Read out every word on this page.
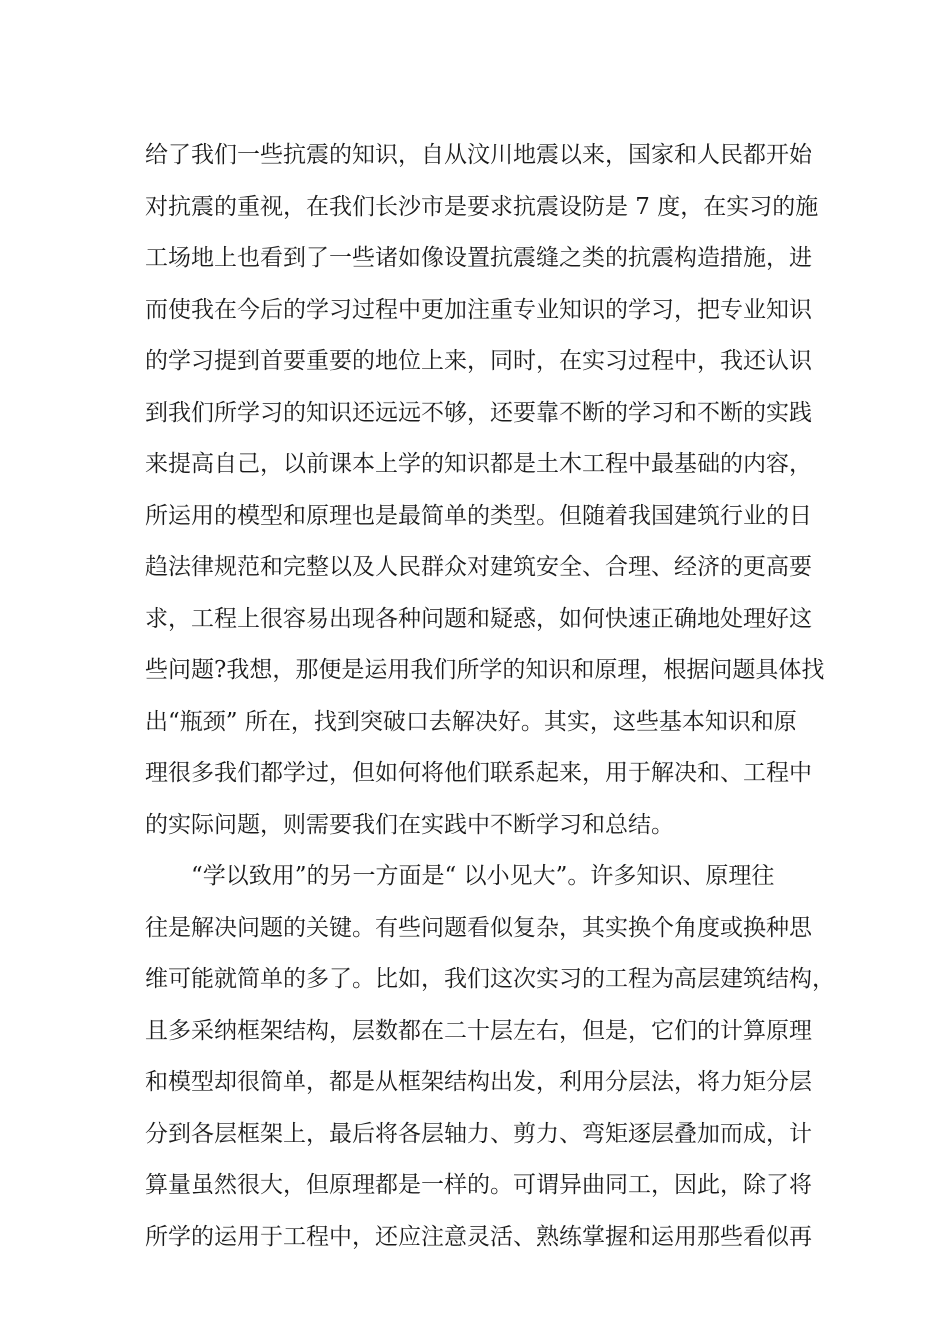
给了我们一些抗震的知识，自从汶川地震以来，国家和人民都开始
对抗震的重视，在我们长沙市是要求抗震设防是 7 度，在实习的施
工场地上也看到了一些诸如像设置抗震缝之类的抗震构造措施，进
而使我在今后的学习过程中更加注重专业知识的学习，把专业知识
的学习提到首要重要的地位上来，同时，在实习过程中，我还认识
到我们所学习的知识还远远不够，还要靠不断的学习和不断的实践
来提高自己，以前课本上学的知识都是土木工程中最基础的内容，
所运用的模型和原理也是最简单的类型。但随着我国建筑行业的日
趋法律规范和完整以及人民群众对建筑安全、合理、经济的更高要
求，工程上很容易出现各种问题和疑惑，如何快速正确地处理好这
些问题?我想，那便是运用我们所学的知识和原理，根据问题具体找
出“瓶颈” 所在，找到突破口去解决好。其实，这些基本知识和原
理很多我们都学过，但如何将他们联系起来，用于解决和、工程中
的实际问题，则需要我们在实践中不断学习和总结。
“学以致用”的另一方面是“ 以小见大”。许多知识、原理往
往是解决问题的关键。有些问题看似复杂，其实换个角度或换种思
维可能就简单的多了。比如，我们这次实习的工程为高层建筑结构，
且多采纳框架结构，层数都在二十层左右，但是，它们的计算原理
和模型却很简单，都是从框架结构出发，利用分层法，将力矩分层
分到各层框架上，最后将各层轴力、剪力、弯矩逐层叠加而成，计
算量虽然很大，但原理都是一样的。可谓异曲同工，因此，除了将
所学的运用于工程中，还应注意灵活、熟练掌握和运用那些看似再
